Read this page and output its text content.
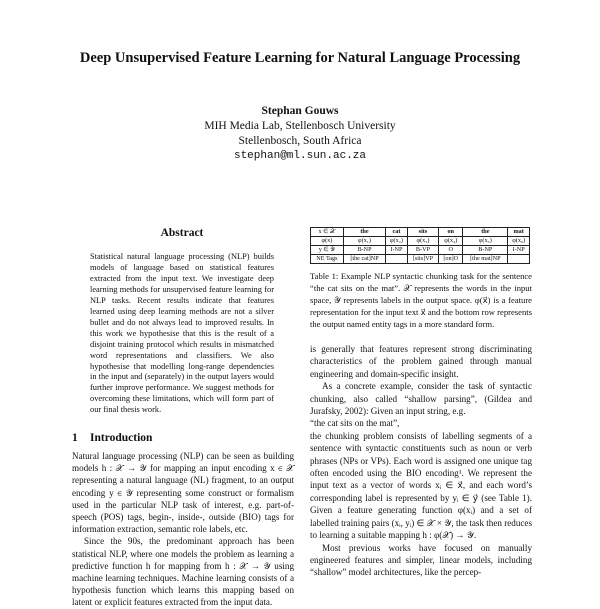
Deep Unsupervised Feature Learning for Natural Language Processing
Stephan Gouws
MIH Media Lab, Stellenbosch University
Stellenbosch, South Africa
stephan@ml.sun.ac.za
Abstract
Statistical natural language processing (NLP) builds models of language based on statistical features extracted from the input text. We investigate deep learning methods for unsupervised feature learning for NLP tasks. Recent results indicate that features learned using deep learning methods are not a silver bullet and do not always lead to improved results. In this work we hypothesise that this is the result of a disjoint training protocol which results in mismatched word representations and classifiers. We also hypothesise that modelling long-range dependencies in the input and (separately) in the output layers would further improve performance. We suggest methods for overcoming these limitations, which will form part of our final thesis work.
1 Introduction

Natural language processing (NLP) can be seen as building models h : 𝒳 → 𝒴 for mapping an input encoding x ∈ 𝒳 representing a natural language (NL) fragment, to an output encoding y ∈ 𝒴 representing some construct or formalism used in the particular NLP task of interest, e.g. part-of-speech (POS) tags, begin-, inside-, outside (BIO) tags for information extraction, semantic role labels, etc.

Since the 90s, the predominant approach has been statistical NLP, where one models the problem as learning a predictive function h for mapping from h : 𝒳 → 𝒴 using machine learning techniques. Machine learning consists of a hypothesis function which learns this mapping based on latent or explicit features extracted from the input data.

x ∈ 𝒳	the	cat	sits	on	the	mat
φ(x)	φ(x₁)	φ(x₂)	φ(x₃)	φ(x₄)	φ(x₅)	φ(x₆)
y ∈ 𝒴	B-NP	I-NP	B-VP	O	B-NP	I-NP
NE Tags	[the cat]NP		[sits]VP	[on]O	[the mat]NP	
Table 1: Example NLP syntactic chunking task for the sentence “the cat sits on the mat”. 𝒳 represents the words in the input space, 𝒴 represents labels in the output space. φ(x⃗) is a feature representation for the input text x⃗ and the bottom row represents the output named entity tags in a more standard form.

is generally that features represent strong discriminating characteristics of the problem gained through manual engineering and domain-specific insight.

As a concrete example, consider the task of syntactic chunking, also called “shallow parsing”, (Gildea and Jurafsky, 2002): Given an input string, e.g.

“the cat sits on the mat”,

the chunking problem consists of labelling segments of a sentence with syntactic constituents such as noun or verb phrases (NPs or VPs). Each word is assigned one unique tag often encoded using the BIO encoding¹. We represent the input text as a vector of words xᵢ ∈ x⃗, and each word’s corresponding label is represented by yᵢ ∈ y⃗ (see Table 1). Given a feature generating function φ(xᵢ) and a set of labelled training pairs (xᵢ, yᵢ) ∈ 𝒳 × 𝒴, the task then reduces to learning a suitable mapping h : φ(𝒳) → 𝒴.

Most previous works have focused on manually engineered features and simpler, linear models, including “shallow” model architectures, like the percep-
